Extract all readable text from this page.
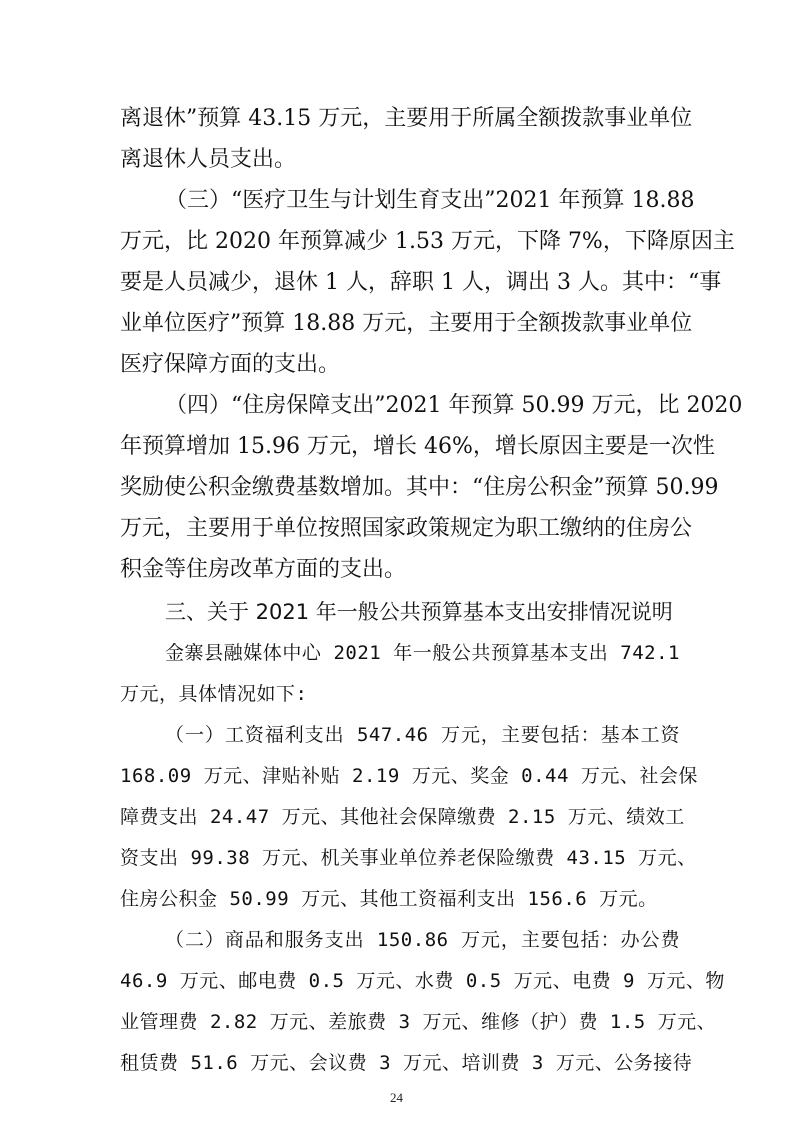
离退休”预算 43.15 万元，主要用于所属全额拨款事业单位
离退休人员支出。
（三）“医疗卫生与计划生育支出”2021 年预算 18.88
万元，比 2020 年预算减少 1.53 万元，下降 7%，下降原因主
要是人员减少，退休 1 人，辞职 1 人，调出 3 人。其中：“事
业单位医疗”预算 18.88 万元，主要用于全额拨款事业单位
医疗保障方面的支出。
（四）“住房保障支出”2021 年预算 50.99 万元，比 2020
年预算增加 15.96 万元，增长 46%，增长原因主要是一次性
奖励使公积金缴费基数增加。其中：“住房公积金”预算 50.99
万元，主要用于单位按照国家政策规定为职工缴纳的住房公
积金等住房改革方面的支出。
三、关于 2021 年一般公共预算基本支出安排情况说明
金寨县融媒体中心 2021 年一般公共预算基本支出 742.1
万元，具体情况如下:
（一）工资福利支出 547.46 万元，主要包括：基本工资
168.09 万元、津贴补贴 2.19 万元、奖金 0.44 万元、社会保
障费支出 24.47 万元、其他社会保障缴费 2.15 万元、绩效工
资支出 99.38 万元、机关事业单位养老保险缴费 43.15 万元、
住房公积金 50.99 万元、其他工资福利支出 156.6 万元。
（二）商品和服务支出 150.86 万元，主要包括：办公费
46.9 万元、邮电费 0.5 万元、水费 0.5 万元、电费 9 万元、物
业管理费 2.82 万元、差旅费 3 万元、维修（护）费 1.5 万元、
24
租赁费 51.6 万元、会议费 3 万元、培训费 3 万元、公务接待
